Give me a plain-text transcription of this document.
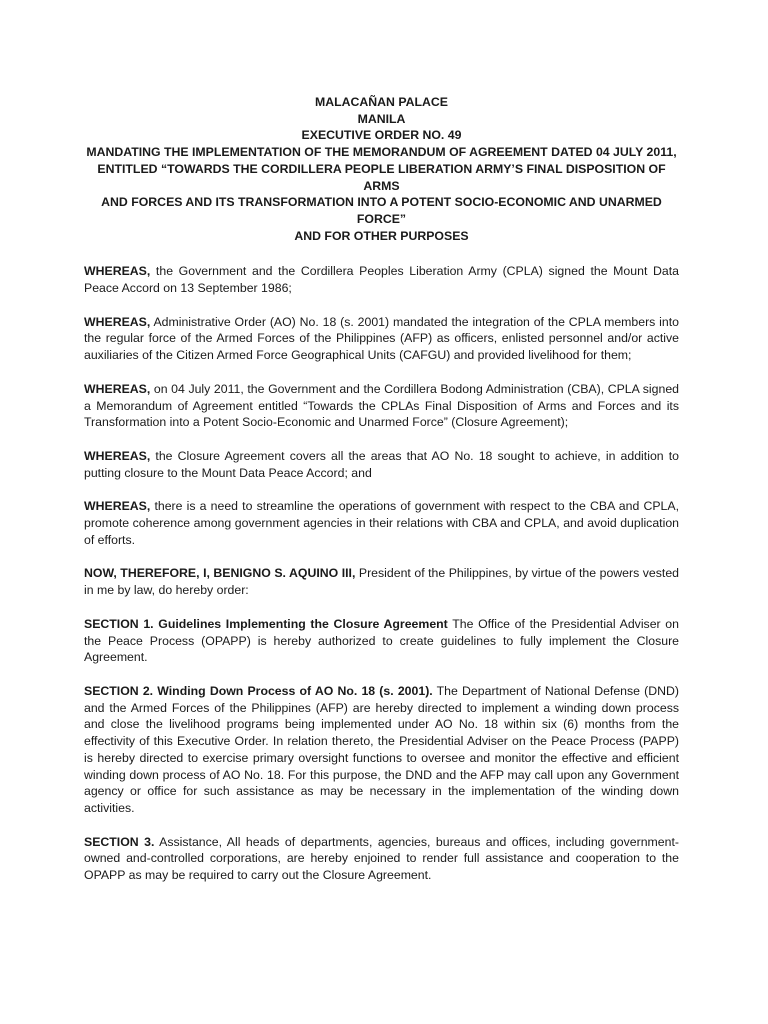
MALACAÑAN PALACE
MANILA
EXECUTIVE ORDER NO. 49
MANDATING THE IMPLEMENTATION OF THE MEMORANDUM OF AGREEMENT DATED 04 JULY 2011,
ENTITLED “TOWARDS THE CORDILLERA PEOPLE LIBERATION ARMY’S FINAL DISPOSITION OF ARMS
AND FORCES AND ITS TRANSFORMATION INTO A POTENT SOCIO-ECONOMIC AND UNARMED FORCE”
AND FOR OTHER PURPOSES

WHEREAS, the Government and the Cordillera Peoples Liberation Army (CPLA) signed the Mount Data Peace Accord on 13 September 1986;

WHEREAS, Administrative Order (AO) No. 18 (s. 2001) mandated the integration of the CPLA members into the regular force of the Armed Forces of the Philippines (AFP) as officers, enlisted personnel and/or active auxiliaries of the Citizen Armed Force Geographical Units (CAFGU) and provided livelihood for them;

WHEREAS, on 04 July 2011, the Government and the Cordillera Bodong Administration (CBA), CPLA signed a Memorandum of Agreement entitled “Towards the CPLAs Final Disposition of Arms and Forces and its Transformation into a Potent Socio-Economic and Unarmed Force” (Closure Agreement);

WHEREAS, the Closure Agreement covers all the areas that AO No. 18 sought to achieve, in addition to putting closure to the Mount Data Peace Accord; and

WHEREAS, there is a need to streamline the operations of government with respect to the CBA and CPLA, promote coherence among government agencies in their relations with CBA and CPLA, and avoid duplication of efforts.

NOW, THEREFORE, I, BENIGNO S. AQUINO III, President of the Philippines, by virtue of the powers vested in me by law, do hereby order:

SECTION 1. Guidelines Implementing the Closure Agreement The Office of the Presidential Adviser on the Peace Process (OPAPP) is hereby authorized to create guidelines to fully implement the Closure Agreement.

SECTION 2. Winding Down Process of AO No. 18 (s. 2001). The Department of National Defense (DND) and the Armed Forces of the Philippines (AFP) are hereby directed to implement a winding down process and close the livelihood programs being implemented under AO No. 18 within six (6) months from the effectivity of this Executive Order. In relation thereto, the Presidential Adviser on the Peace Process (PAPP) is hereby directed to exercise primary oversight functions to oversee and monitor the effective and efficient winding down process of AO No. 18. For this purpose, the DND and the AFP may call upon any Government agency or office for such assistance as may be necessary in the implementation of the winding down activities.

SECTION 3. Assistance, All heads of departments, agencies, bureaus and offices, including government-owned and-controlled corporations, are hereby enjoined to render full assistance and cooperation to the OPAPP as may be required to carry out the Closure Agreement.
